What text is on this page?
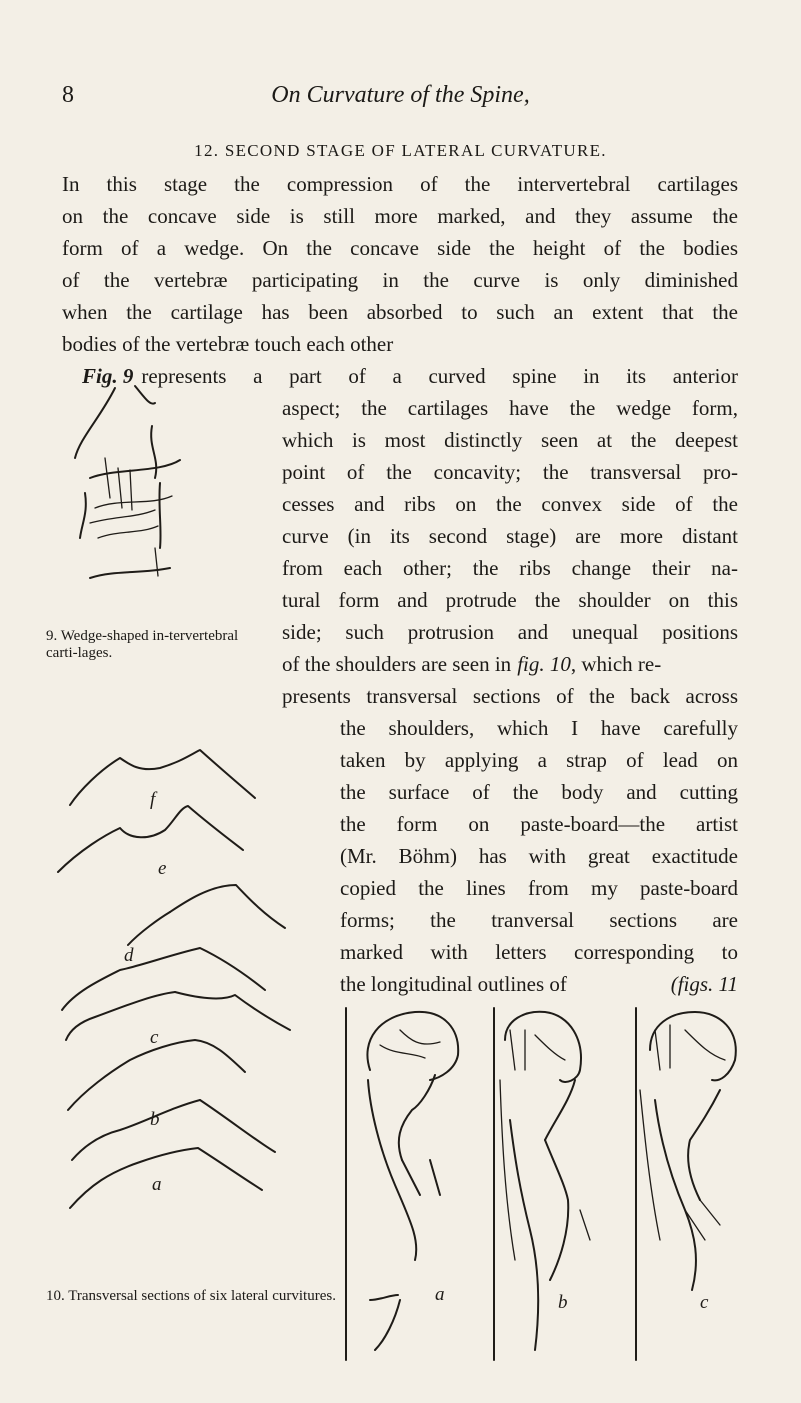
8	On Curvature of the Spine,
12. SECOND STAGE OF LATERAL CURVATURE.
In this stage the compression of the intervertebral cartilages
on the concave side is still more marked, and they assume the
form of a wedge. On the concave side the height of the bodies
of the vertebræ participating in the curve is only diminished
when the cartilage has been absorbed to such an extent that the
bodies of the vertebræ touch each other
Fig. 9 represents a part of a curved spine in its anterior
aspect; the cartilages have the wedge form,
which is most distinctly seen at the deepest
point of the concavity; the transversal pro-
cesses and ribs on the convex side of the
curve (in its second stage) are more distant
from each other; the ribs change their na-
tural form and protrude the shoulder on this
side; such protrusion and unequal positions
of the shoulders are seen in fig. 10 , which re-
presents transversal sections of the back across
the shoulders, which I have carefully
taken by applying a strap of lead on
the surface of the body and cutting
the form on paste-board—the artist
(Mr. Böhm) has with great exactitude
copied the lines from my paste-board
forms; the tranversal sections are
marked with letters corresponding to
the longitudinal outlines of	(figs. 11
9. Wedge-shaped in-tervertebral carti-lages.
f
e
d
c
b
a
10. Transversal sections of six lateral curvitures.	a	b	c
